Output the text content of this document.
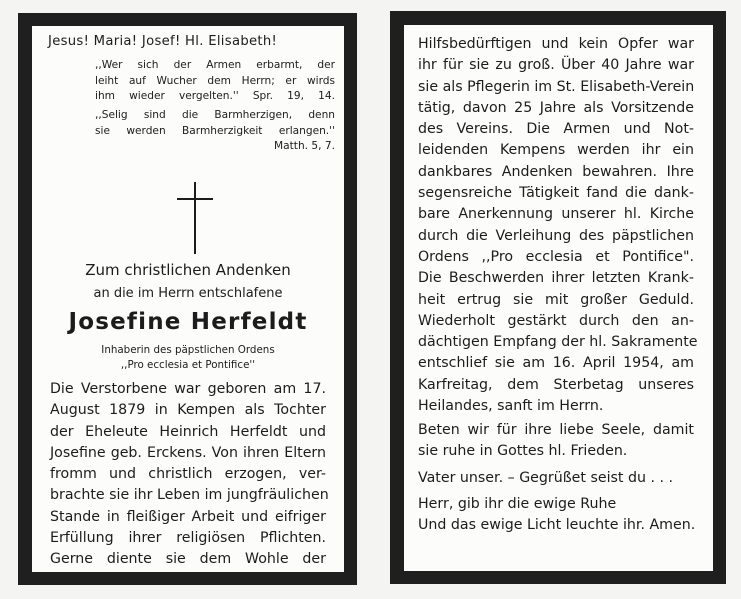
Jesus! Maria! Josef! Hl. Elisabeth!
,,Wer sich der Armen erbarmt, der
leiht auf Wucher dem Herrn; er wirds
ihm wieder vergelten.'' Spr. 19, 14.
,,Selig sind die Barmherzigen, denn
sie werden Barmherzigkeit erlangen.''
Matth. 5, 7.
Zum christlichen Andenken
an die im Herrn entschlafene
Josefine Herfeldt
Inhaberin des päpstlichen Ordens
,,Pro ecclesia et Pontifice''
Die Verstorbene war geboren am 17.
August 1879 in Kempen als Tochter
der Eheleute Heinrich Herfeldt und
Josefine geb. Erckens. Von ihren Eltern
fromm und christlich erzogen, ver-
brachte sie ihr Leben im jungfräulichen
Stande in fleißiger Arbeit und eifriger
Erfüllung ihrer religiösen Pflichten.
Gerne diente sie dem Wohle der
Hilfsbedürftigen und kein Opfer war
ihr für sie zu groß. Über 40 Jahre war
sie als Pflegerin im St. Elisabeth-Verein
tätig, davon 25 Jahre als Vorsitzende
des Vereins. Die Armen und Not-
leidenden Kempens werden ihr ein
dankbares Andenken bewahren. Ihre
segensreiche Tätigkeit fand die dank-
bare Anerkennung unserer hl. Kirche
durch die Verleihung des päpstlichen
Ordens ,,Pro ecclesia et Pontifice".
Die Beschwerden ihrer letzten Krank-
heit ertrug sie mit großer Geduld.
Wiederholt gestärkt durch den an-
dächtigen Empfang der hl. Sakramente
entschlief sie am 16. April 1954, am
Karfreitag, dem Sterbetag unseres
Heilandes, sanft im Herrn.
Beten wir für ihre liebe Seele, damit
sie ruhe in Gottes hl. Frieden.
Vater unser. – Gegrüßet seist du . . .
Herr, gib ihr die ewige Ruhe
Und das ewige Licht leuchte ihr. Amen.
